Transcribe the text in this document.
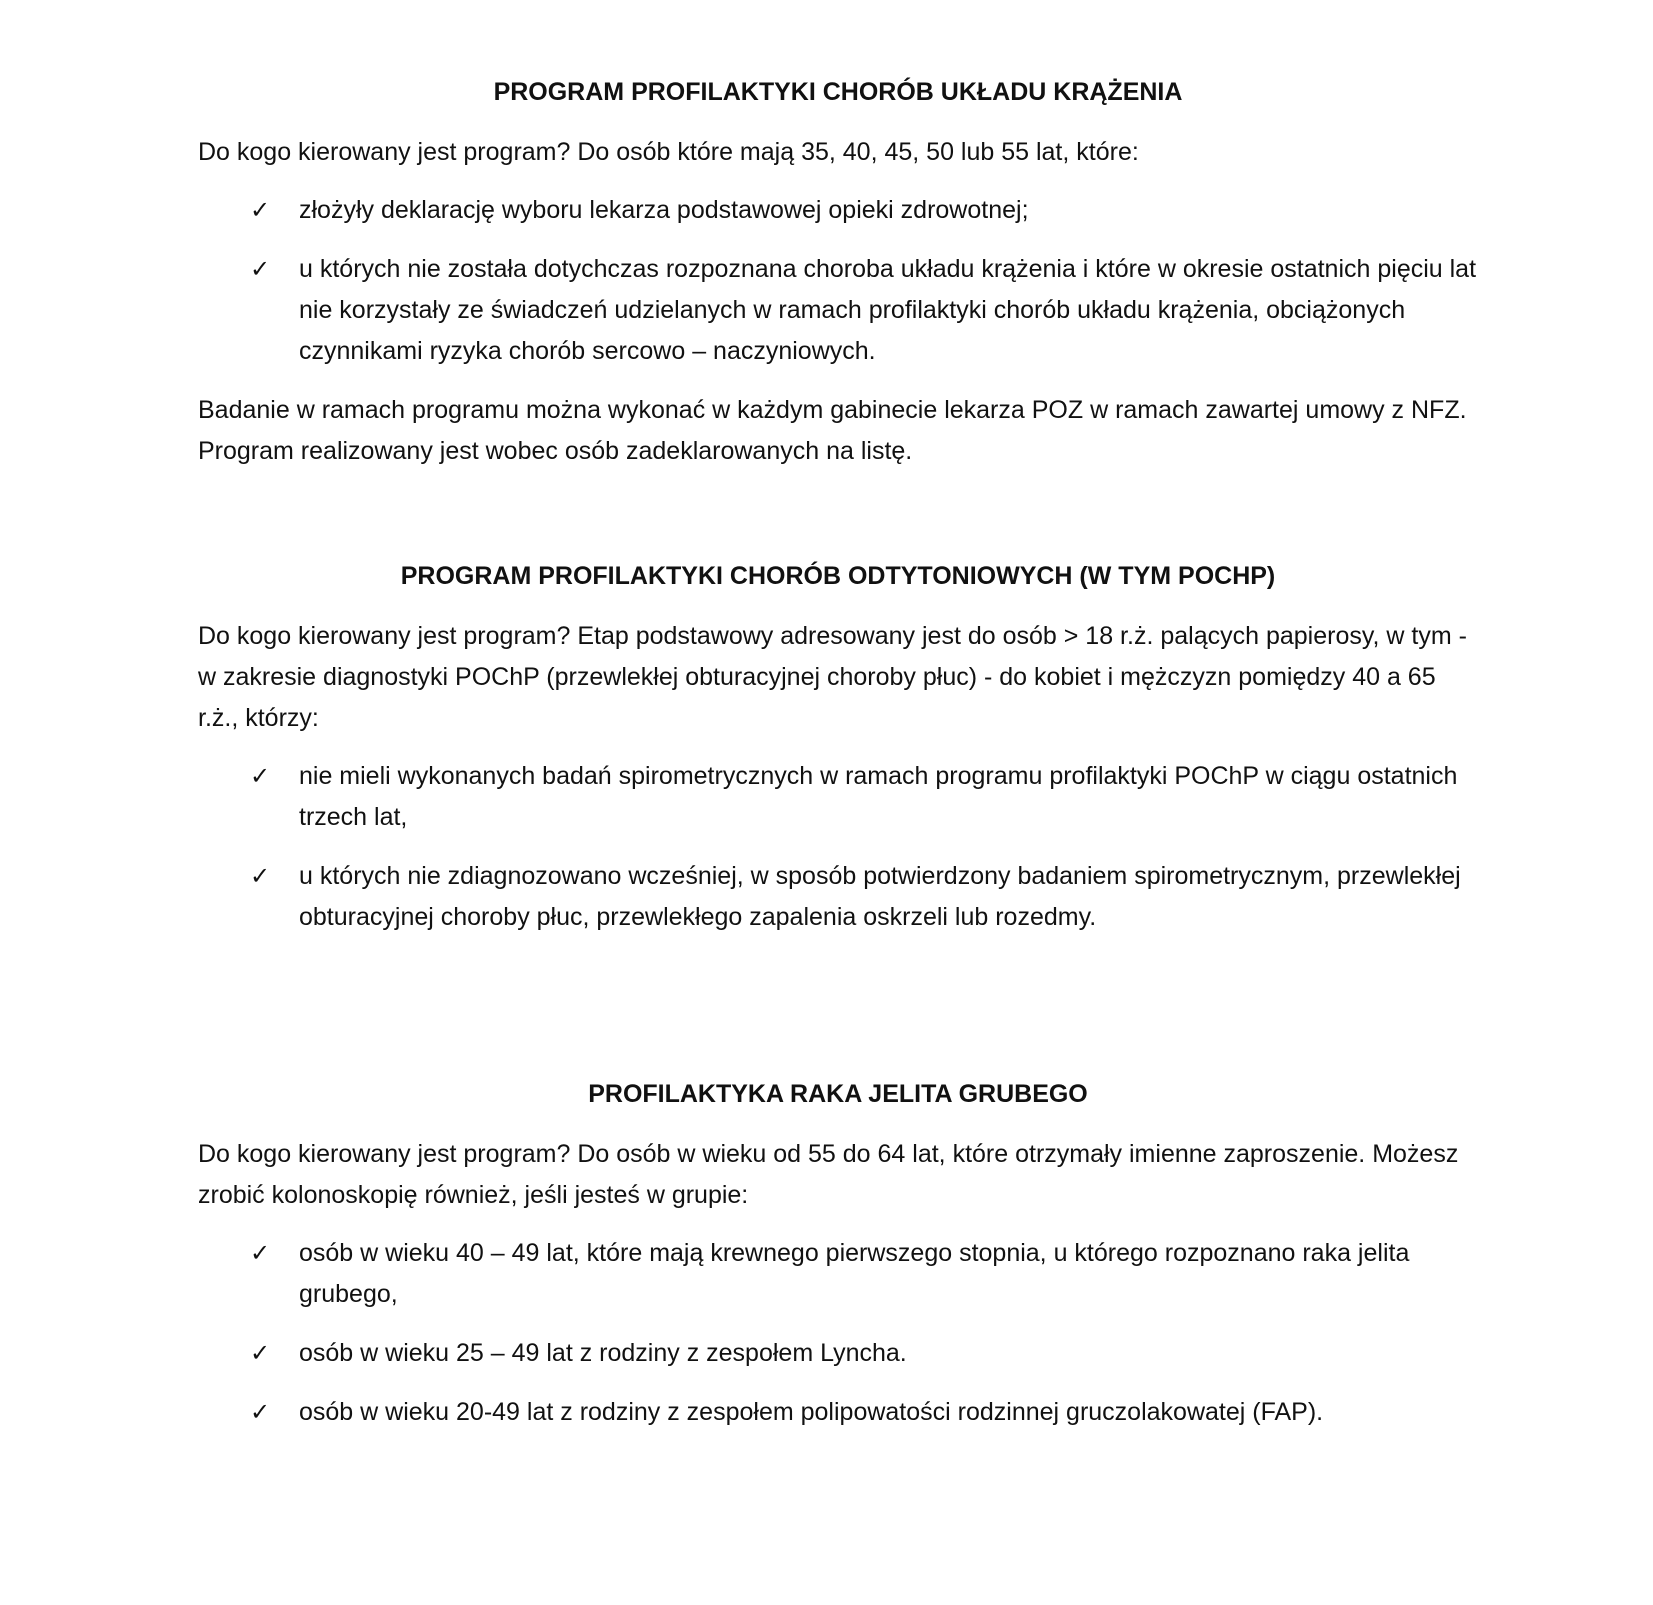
PROGRAM PROFILAKTYKI CHORÓB UKŁADU KRĄŻENIA

Do kogo kierowany jest program? Do osób które mają 35, 40, 45, 50 lub 55 lat, które:

✓	złożyły deklarację wyboru lekarza podstawowej opieki zdrowotnej;
✓	u których nie została dotychczas rozpoznana choroba układu krążenia i które w okresie ostatnich pięciu lat nie korzystały ze świadczeń udzielanych w ramach profilaktyki chorób układu krążenia, obciążonych czynnikami ryzyka chorób sercowo – naczyniowych.

Badanie w ramach programu można wykonać w każdym gabinecie lekarza POZ w ramach zawartej umowy z NFZ. Program realizowany jest wobec osób zadeklarowanych na listę.

PROGRAM PROFILAKTYKI CHORÓB ODTYTONIOWYCH (W TYM POCHP)

Do kogo kierowany jest program? Etap podstawowy adresowany jest do osób > 18 r.ż. palących papierosy, w tym - w zakresie diagnostyki POChP (przewlekłej obturacyjnej choroby płuc) - do kobiet i mężczyzn pomiędzy 40 a 65 r.ż., którzy:

✓	nie mieli wykonanych badań spirometrycznych w ramach programu profilaktyki POChP w ciągu ostatnich
trzech lat,
✓	u których nie zdiagnozowano wcześniej, w sposób potwierdzony badaniem spirometrycznym, przewlekłej obturacyjnej choroby płuc, przewlekłego zapalenia oskrzeli lub rozedmy.
PROFILAKTYKA RAKA JELITA GRUBEGO

Do kogo kierowany jest program? Do osób w wieku od 55 do 64 lat, które otrzymały imienne zaproszenie. Możesz zrobić kolonoskopię również, jeśli jesteś w grupie:

✓	osób w wieku 40 – 49 lat, które mają krewnego pierwszego stopnia, u którego rozpoznano raka jelita grubego,
✓	osób w wieku 25 – 49 lat z rodziny z zespołem Lyncha.
✓	osób w wieku 20-49 lat z rodziny z zespołem polipowatości rodzinnej gruczolakowatej (FAP).
